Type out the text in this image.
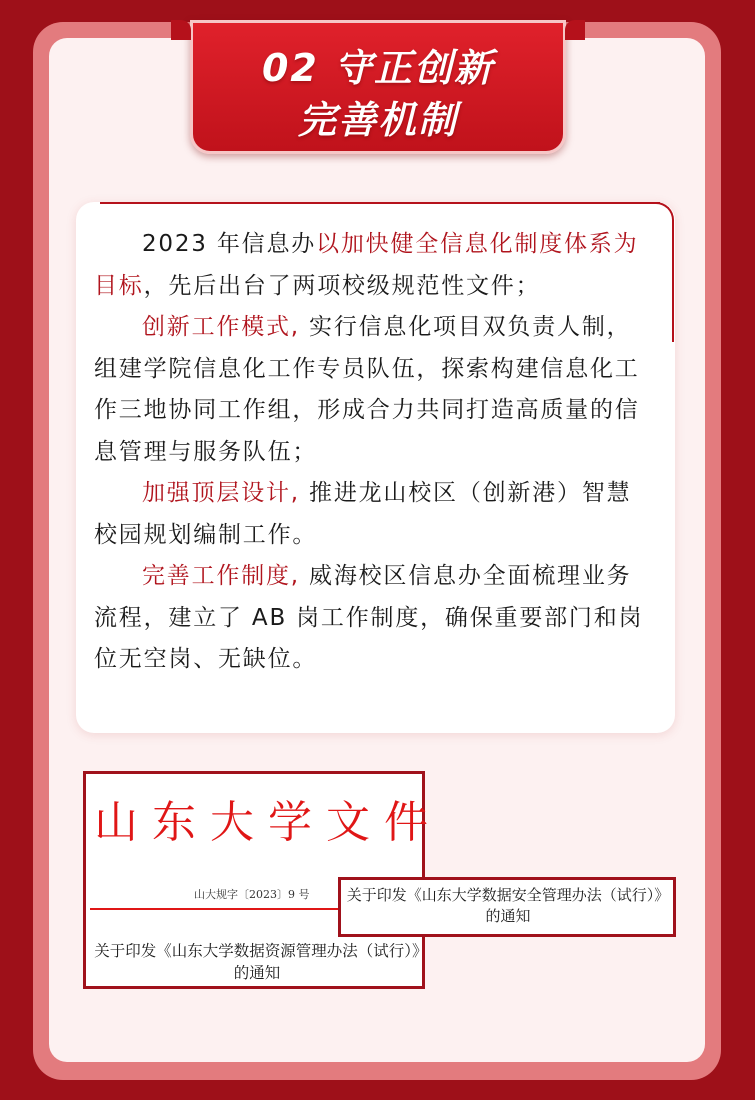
02 守正创新
完善机制

2023 年信息办以加快健全信息化制度体系为目标，先后出台了两项校级规范性文件；

创新工作模式, 实行信息化项目双负责人制，组建学院信息化工作专员队伍，探索构建信息化工作三地协同工作组，形成合力共同打造高质量的信息管理与服务队伍；

加强顶层设计, 推进龙山校区（创新港）智慧校园规划编制工作。

完善工作制度, 威海校区信息办全面梳理业务流程，建立了 AB 岗工作制度，确保重要部门和岗位无空岗、无缺位。

山东大学文件
山大规字〔2023〕9 号
关于印发《山东大学数据资源管理办法（试行）》的通知
关于印发《山东大学数据安全管理办法（试行）》的通知
